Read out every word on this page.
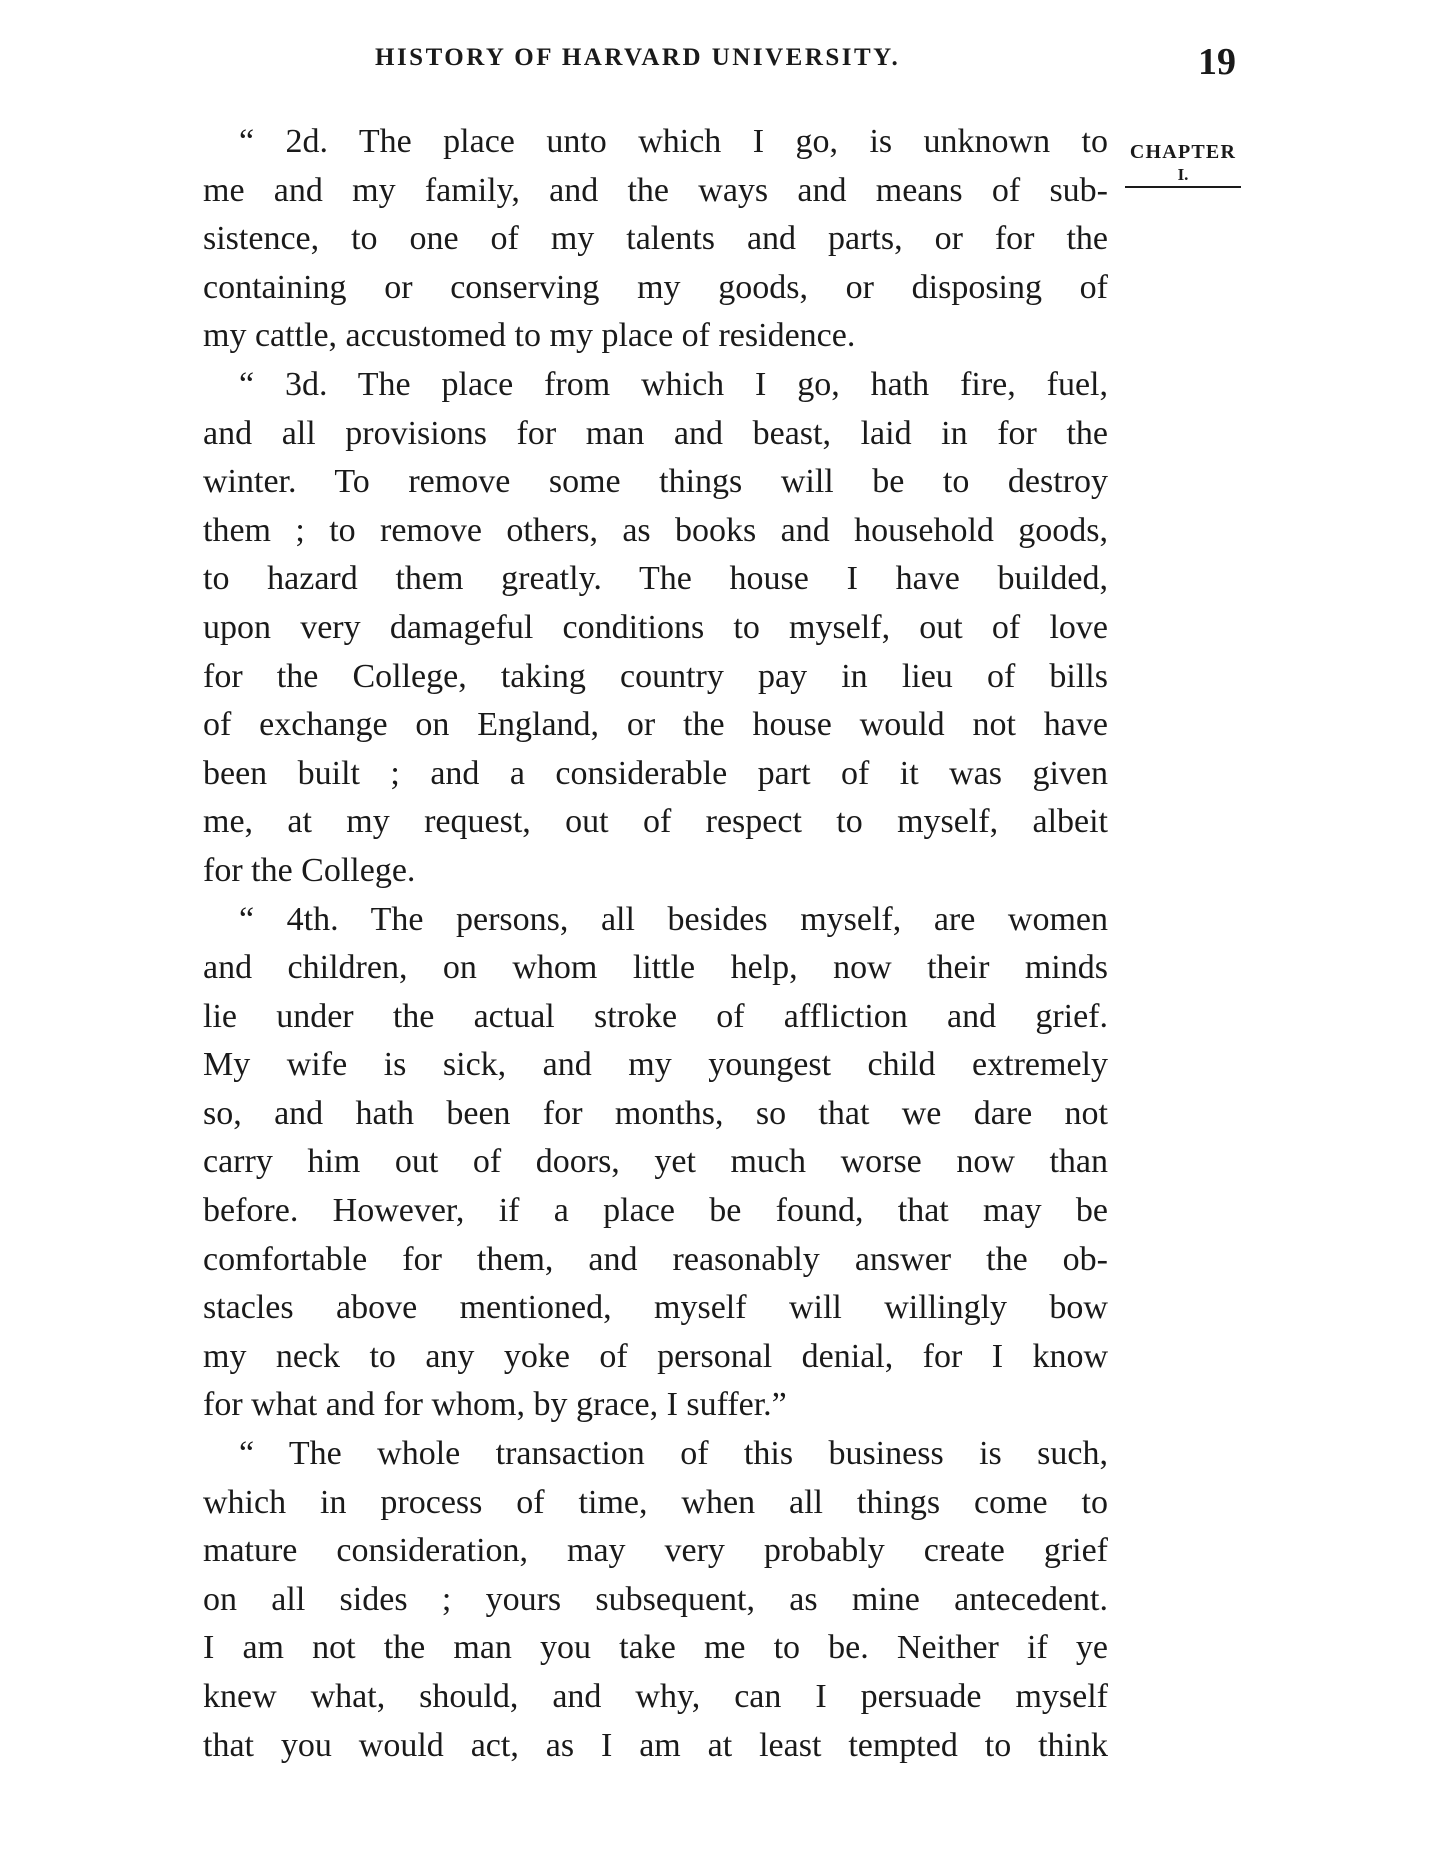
HISTORY OF HARVARD UNIVERSITY.	19
CHAPTER
I.
“ 2d. The place unto which I go, is unknown to
me and my family, and the ways and means of sub-
sistence, to one of my talents and parts, or for the
containing or conserving my goods, or disposing of
my cattle, accustomed to my place of residence.
“ 3d. The place from which I go, hath fire, fuel,
and all provisions for man and beast, laid in for the
winter. To remove some things will be to destroy
them ; to remove others, as books and household goods,
to hazard them greatly. The house I have builded,
upon very damageful conditions to myself, out of love
for the College, taking country pay in lieu of bills
of exchange on England, or the house would not have
been built ; and a considerable part of it was given
me, at my request, out of respect to myself, albeit
for the College.
“ 4th. The persons, all besides myself, are women
and children, on whom little help, now their minds
lie under the actual stroke of affliction and grief.
My wife is sick, and my youngest child extremely
so, and hath been for months, so that we dare not
carry him out of doors, yet much worse now than
before. However, if a place be found, that may be
comfortable for them, and reasonably answer the ob-
stacles above mentioned, myself will willingly bow
my neck to any yoke of personal denial, for I know
for what and for whom, by grace, I suffer.”
“ The whole transaction of this business is such,
which in process of time, when all things come to
mature consideration, may very probably create grief
on all sides ; yours subsequent, as mine antecedent.
I am not the man you take me to be. Neither if ye
knew what, should, and why, can I persuade myself
that you would act, as I am at least tempted to think
